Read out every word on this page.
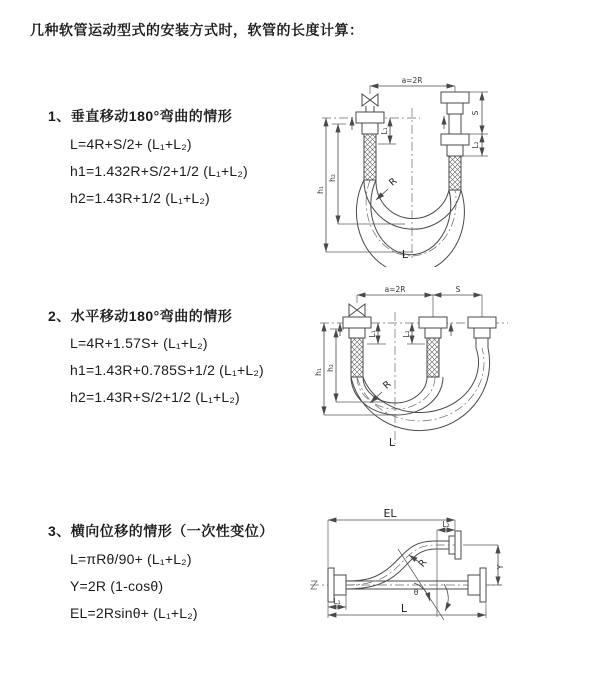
几种软管运动型式的安装方式时，软管的长度计算：
1、垂直移动180°弯曲的情形

L=4R+S/2+ (L₁+L₂)

h1=1.432R+S/2+1/2 (L₁+L₂)

h2=1.43R+1/2 (L₁+L₂)

2、水平移动180°弯曲的情形

L=4R+1.57S+ (L₁+L₂)

h1=1.43R+0.785S+1/2 (L₁+L₂)

h2=1.43R+S/2+1/2 (L₁+L₂)

3、横向位移的情形（一次性变位）

L=πRθ/90+ (L₁+L₂)

Y=2R (1-cosθ)

EL=2Rsinθ+ (L₁+L₂)

a=2R
L₁
h₁
h₂
S
L₂
R
L
a=2R	S
L₁	L₂
h₁
h₂
R
L
EL
L₂
θ
R	Y
L₁
L
